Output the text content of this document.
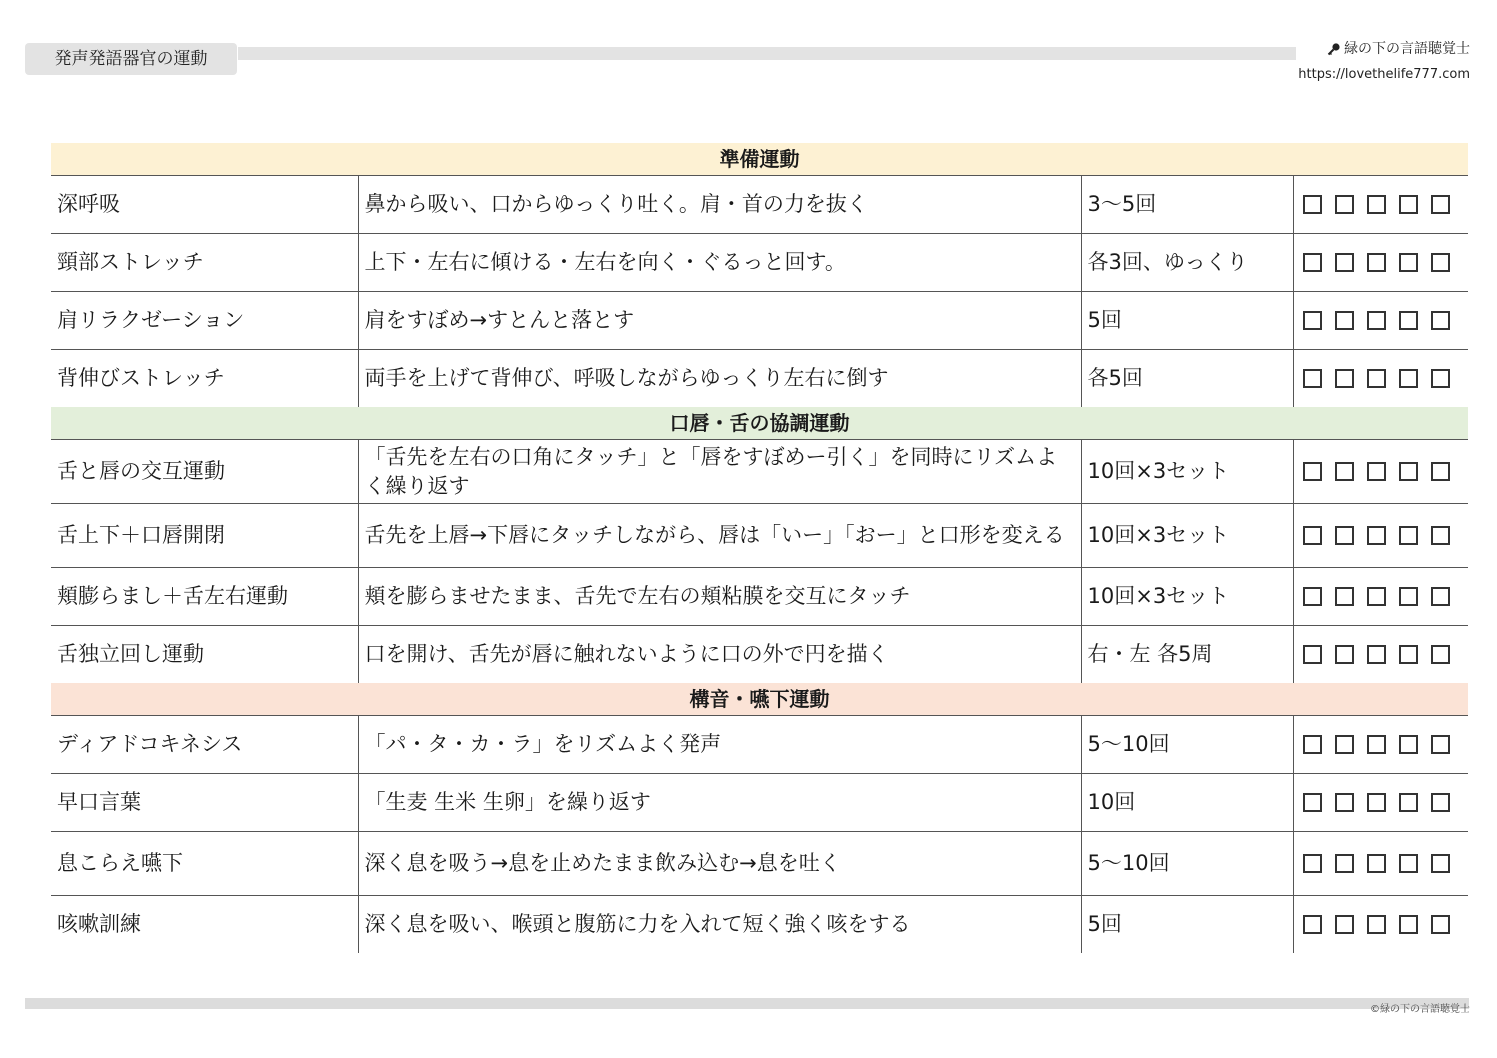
発声発語器官の運動	緑の下の言語聴覚士
https://lovethelife777.com
準備運動			
深呼吸	鼻から吸い、口からゆっくり吐く。肩・首の力を抜く	3～5回	

頸部ストレッチ	上下・左右に傾ける・左右を向く・ぐるっと回す。	各3回、ゆっくり	

肩リラクゼーション	肩をすぼめ→すとんと落とす	5回	

背伸びストレッチ	両手を上げて背伸び、呼吸しながらゆっくり左右に倒す	各5回	

口唇・舌の協調運動			
舌と唇の交互運動	「舌先を左右の口角にタッチ」と「唇をすぼめー引く」を同時にリズムよく繰り返す	10回×3セット	

舌上下＋口唇開閉	舌先を上唇→下唇にタッチしながら、唇は「いー」「おー」と口形を変える	10回×3セット	

頬膨らまし＋舌左右運動	頬を膨らませたまま、舌先で左右の頬粘膜を交互にタッチ	10回×3セット	

舌独立回し運動	口を開け、舌先が唇に触れないように口の外で円を描く	右・左 各5周	

構音・嚥下運動			
ディアドコキネシス	「パ・タ・カ・ラ」をリズムよく発声	5～10回	

早口言葉	「生麦 生米 生卵」を繰り返す	10回	

息こらえ嚥下	深く息を吸う→息を止めたまま飲み込む→息を吐く	5～10回	

咳嗽訓練	深く息を吸い、喉頭と腹筋に力を入れて短く強く咳をする	5回	
©緑の下の言語聴覚士
